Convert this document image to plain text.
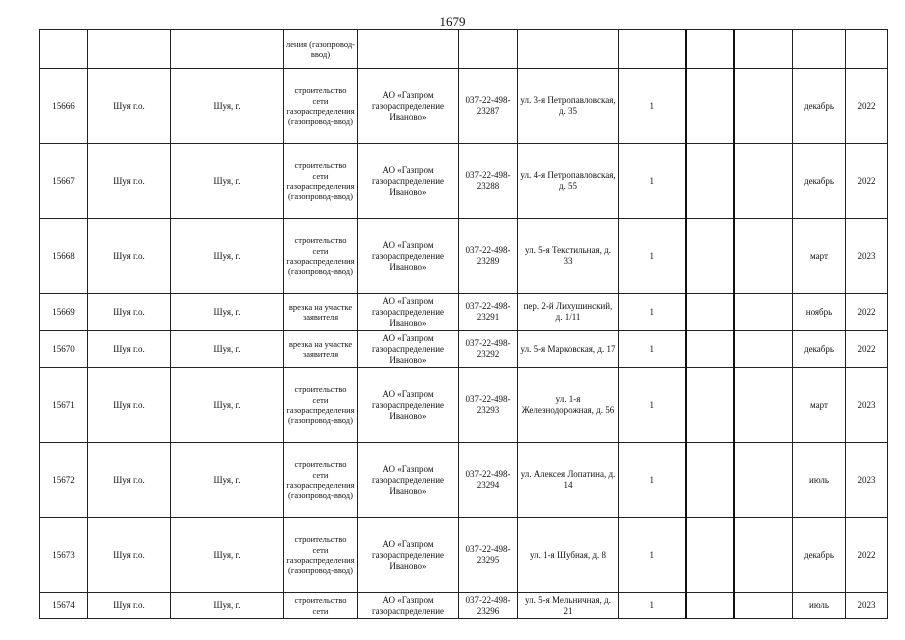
1679
			ления (газопровод-ввод)								
15666	Шуя г.о.	Шуя, г.	строительство сети газораспределения (газопровод-ввод)	АО «Газпром газораспределение Иваново»	037-22-498-23287	ул. 3-я Петропавловская, д. 35	1			декабрь	2022
15667	Шуя г.о.	Шуя, г.	строительство сети газораспределения (газопровод-ввод)	АО «Газпром газораспределение Иваново»	037-22-498-23288	ул. 4-я Петропавловская, д. 55	1			декабрь	2022
15668	Шуя г.о.	Шуя, г.	строительство сети газораспределения (газопровод-ввод)	АО «Газпром газораспределение Иваново»	037-22-498-23289	ул. 5-я Текстильная, д. 33	1			март	2023
15669	Шуя г.о.	Шуя, г.	врезка на участке заявителя	АО «Газпром газораспределение Иваново»	037-22-498-23291	пер. 2-й Лихушинский, д. 1/11	1			ноябрь	2022
15670	Шуя г.о.	Шуя, г.	врезка на участке заявителя	АО «Газпром газораспределение Иваново»	037-22-498-23292	ул. 5-я Марковская, д. 17	1			декабрь	2022
15671	Шуя г.о.	Шуя, г.	строительство сети газораспределения (газопровод-ввод)	АО «Газпром газораспределение Иваново»	037-22-498-23293	ул. 1-я Железнодорожная, д. 56	1			март	2023
15672	Шуя г.о.	Шуя, г.	строительство сети газораспределения (газопровод-ввод)	АО «Газпром газораспределение Иваново»	037-22-498-23294	ул. Алексея Лопатина, д. 14	1			июль	2023
15673	Шуя г.о.	Шуя, г.	строительство сети газораспределения (газопровод-ввод)	АО «Газпром газораспределение Иваново»	037-22-498-23295	ул. 1-я Шубная, д. 8	1			декабрь	2022
15674	Шуя г.о.	Шуя, г.	строительство сети	АО «Газпром газораспределение	037-22-498-23296	ул. 5-я Мельничная, д. 21	1			июль	2023
